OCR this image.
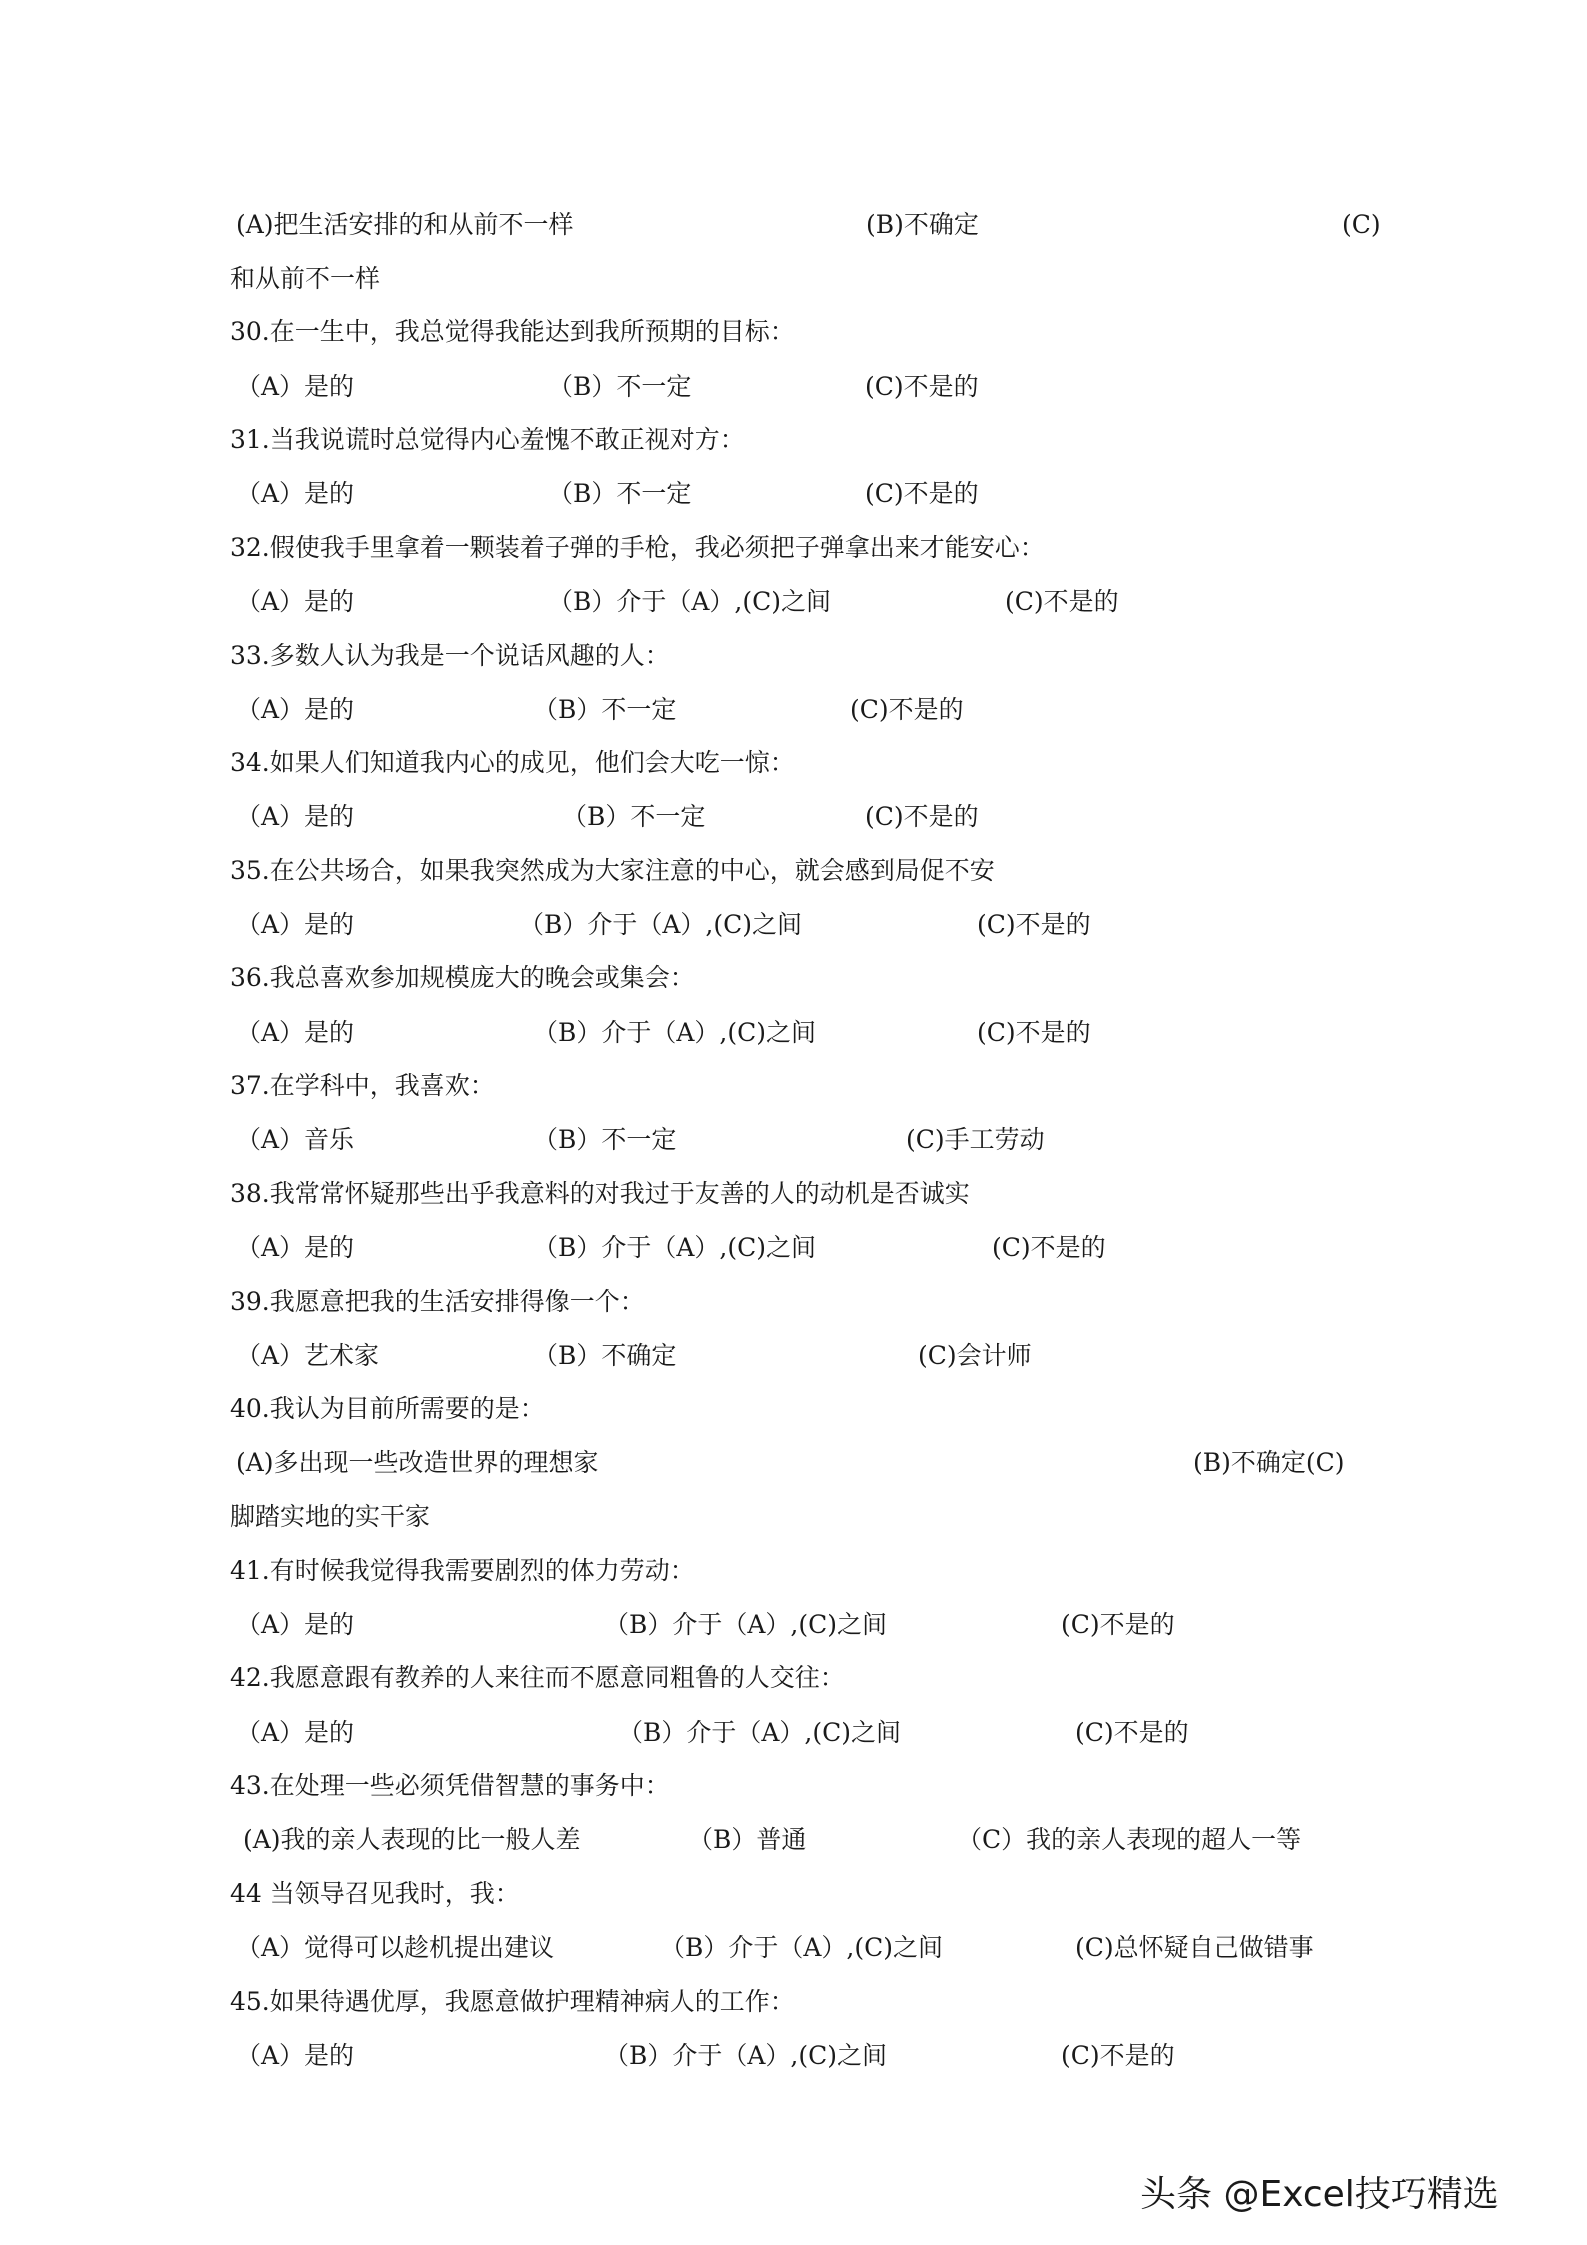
(A)把生活安排的和从前不一样	(B)不确定	(C)
和从前不一样
30.在一生中，我总觉得我能达到我所预期的目标：
（A）是的	（B）不一定	(C)不是的
31.当我说谎时总觉得内心羞愧不敢正视对方：
（A）是的	（B）不一定	(C)不是的
32.假使我手里拿着一颗装着子弹的手枪，我必须把子弹拿出来才能安心：
（A）是的	（B）介于（A）,(C)之间	(C)不是的
33.多数人认为我是一个说话风趣的人：
（A）是的	（B）不一定	(C)不是的
34.如果人们知道我内心的成见，他们会大吃一惊：
（A）是的	（B）不一定	(C)不是的
35.在公共场合，如果我突然成为大家注意的中心，就会感到局促不安
（A）是的	（B）介于（A）,(C)之间	(C)不是的
36.我总喜欢参加规模庞大的晚会或集会：
（A）是的	（B）介于（A）,(C)之间	(C)不是的
37.在学科中，我喜欢：
（A）音乐	（B）不一定	(C)手工劳动
38.我常常怀疑那些出乎我意料的对我过于友善的人的动机是否诚实
（A）是的	（B）介于（A）,(C)之间	(C)不是的
39.我愿意把我的生活安排得像一个：
（A）艺术家	（B）不确定	(C)会计师
40.我认为目前所需要的是：
(A)多出现一些改造世界的理想家	(B)不确定(C)
脚踏实地的实干家
41.有时候我觉得我需要剧烈的体力劳动：
（A）是的	（B）介于（A）,(C)之间	(C)不是的
42.我愿意跟有教养的人来往而不愿意同粗鲁的人交往：
（A）是的	（B）介于（A）,(C)之间	(C)不是的
43.在处理一些必须凭借智慧的事务中：
(A)我的亲人表现的比一般人差	（B）普通	（C）我的亲人表现的超人一等
44 当领导召见我时，我：
（A）觉得可以趁机提出建议	（B）介于（A）,(C)之间	(C)总怀疑自己做错事
45.如果待遇优厚，我愿意做护理精神病人的工作：
（A）是的	（B）介于（A）,(C)之间	(C)不是的
头条 @Excel技巧精选
